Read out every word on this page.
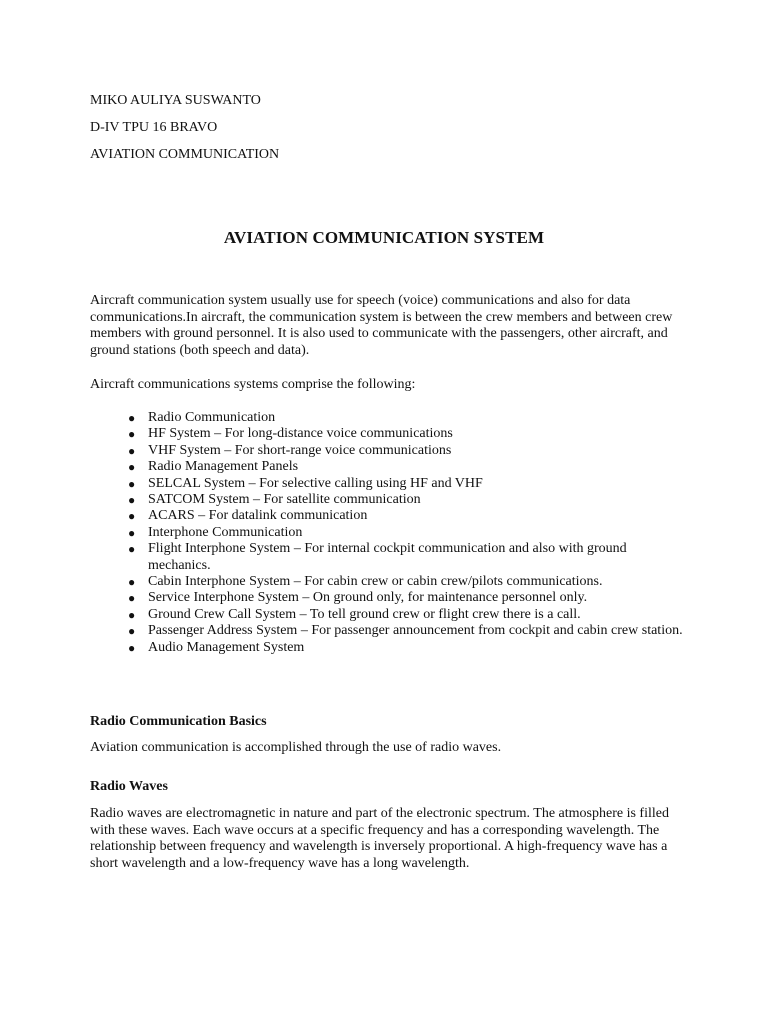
MIKO AULIYA SUSWANTO
D-IV TPU 16 BRAVO
AVIATION COMMUNICATION
AVIATION COMMUNICATION SYSTEM

Aircraft communication system usually use for speech (voice) communications and also for data communications.In aircraft, the communication system is between the crew members and between crew members with ground personnel. It is also used to communicate with the passengers, other aircraft, and ground stations (both speech and data).

Aircraft communications systems comprise the following:

● Radio Communication
● HF System – For long-distance voice communications
● VHF System – For short-range voice communications
● Radio Management Panels
● SELCAL System – For selective calling using HF and VHF
● SATCOM System – For satellite communication
● ACARS – For datalink communication
● Interphone Communication
● Flight Interphone System – For internal cockpit communication and also with ground mechanics.
● Cabin Interphone System – For cabin crew or cabin crew/pilots communications.
● Service Interphone System – On ground only, for maintenance personnel only.
● Ground Crew Call System – To tell ground crew or flight crew there is a call.
● Passenger Address System – For passenger announcement from cockpit and cabin crew station.
● Audio Management System
Radio Communication Basics

Aviation communication is accomplished through the use of radio waves.

Radio Waves

Radio waves are electromagnetic in nature and part of the electronic spectrum. The atmosphere is filled with these waves. Each wave occurs at a specific frequency and has a corresponding wavelength. The relationship between frequency and wavelength is inversely proportional. A high-frequency wave has a short wavelength and a low-frequency wave has a long wavelength.
